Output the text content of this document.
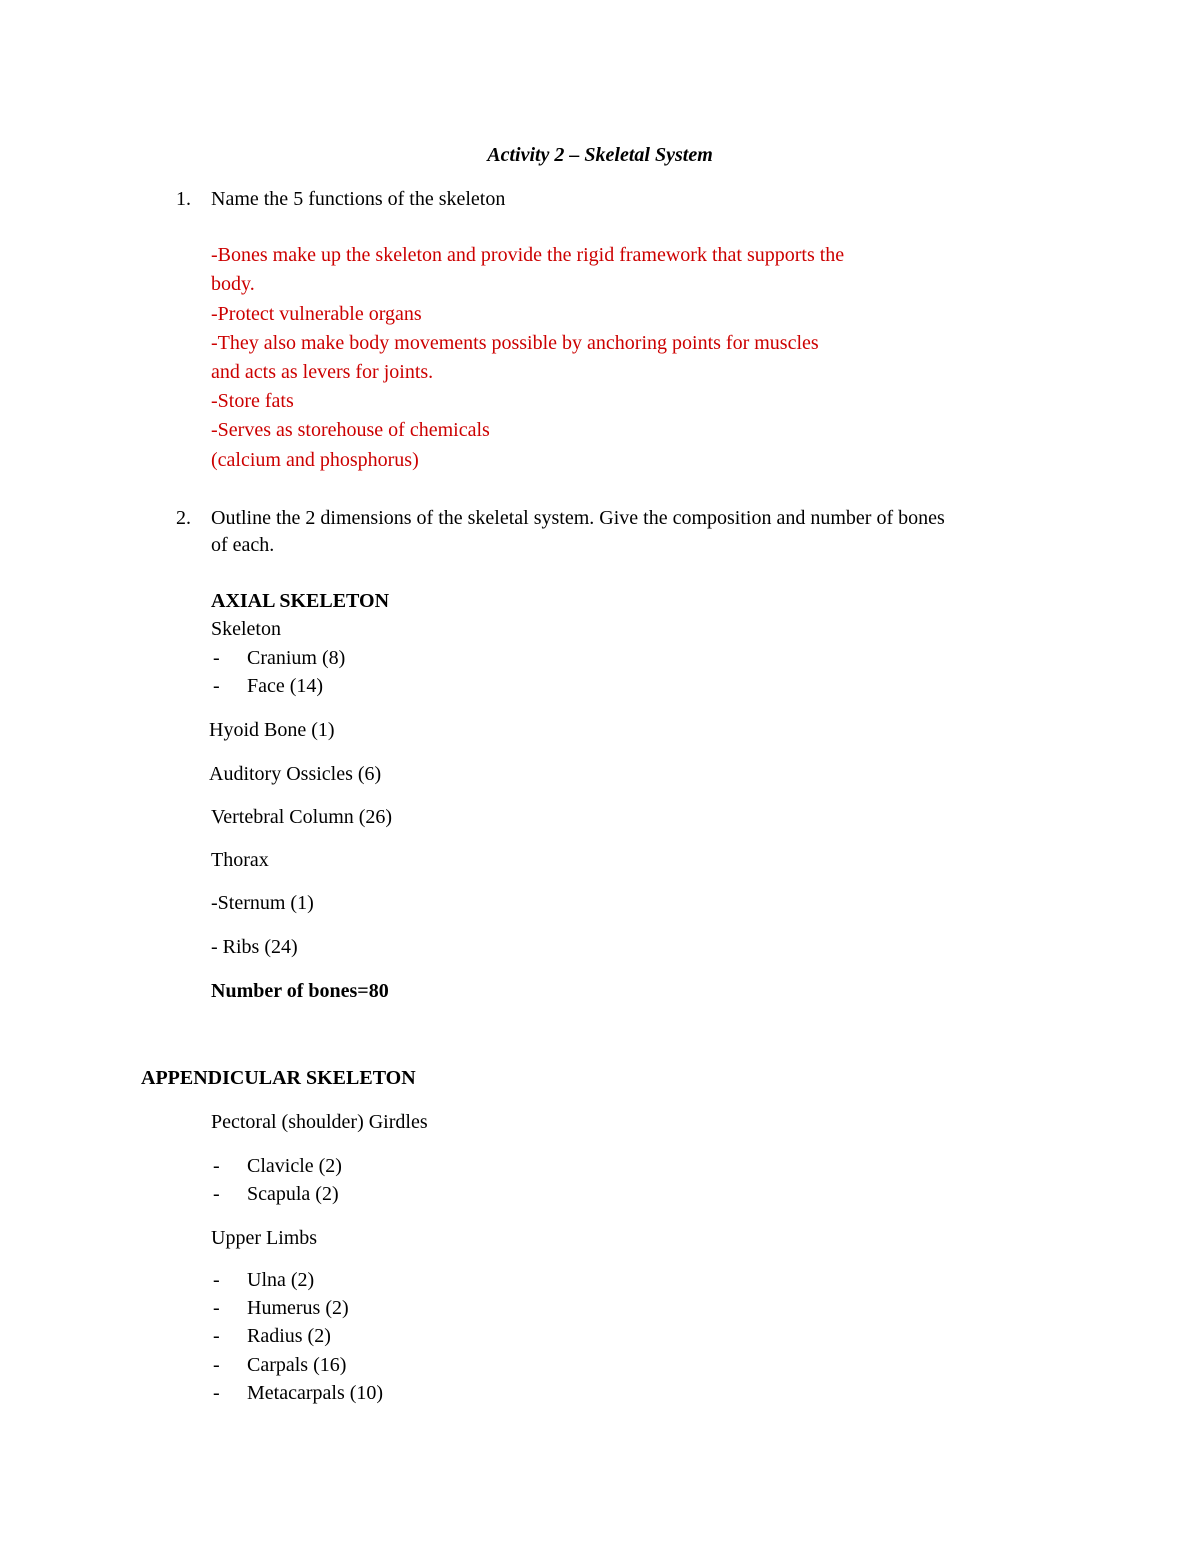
Activity 2 – Skeletal System
1. Name the 5 functions of the skeleton
-Bones make up the skeleton and provide the rigid framework that supports the
body.
-Protect vulnerable organs
-They also make body movements possible by anchoring points for muscles
and acts as levers for joints.
-Store fats
-Serves as storehouse of chemicals
(calcium and phosphorus)
2. Outline the 2 dimensions of the skeletal system. Give the composition and number of bones
of each.
AXIAL SKELETON
Skeleton
- Cranium (8)
- Face (14)
Hyoid Bone (1)
Auditory Ossicles (6)
Vertebral Column (26)
Thorax
-Sternum (1)
- Ribs (24)
Number of bones=80
APPENDICULAR SKELETON
Pectoral (shoulder) Girdles
- Clavicle (2)
- Scapula (2)
Upper Limbs
- Ulna (2)
- Humerus (2)
- Radius (2)
- Carpals (16)
- Metacarpals (10)
